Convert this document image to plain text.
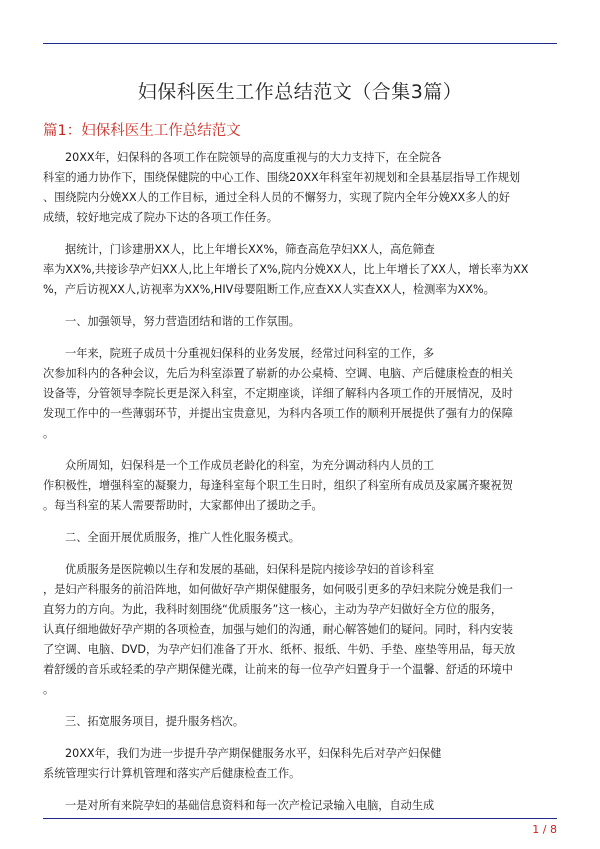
妇保科医生工作总结范文（合集3篇）
篇1：妇保科医生工作总结范文

20XX年，妇保科的各项工作在院领导的高度重视与的大力支持下，在全院各
科室的通力协作下，围绕保健院的中心工作、围绕20XX年科室年初规划和全县基层指导工作规划
、围绕院内分娩XX人的工作目标，通过全科人员的不懈努力，实现了院内全年分娩XX多人的好
成绩，较好地完成了院办下达的各项工作任务。

据统计，门诊建册XX人，比上年增长XX%，筛查高危孕妇XX人，高危筛查
率为XX%,共接诊孕产妇XX人,比上年增长了X%,院内分娩XX人，比上年增长了XX人，增长率为XX
%，产后访视XX人,访视率为XX%,HIV母婴阻断工作,应查XX人实查XX人，检测率为XX%。

一、加强领导，努力营造团结和谐的工作氛围。

一年来，院班子成员十分重视妇保科的业务发展，经常过问科室的工作，多
次参加科内的各种会议，先后为科室添置了崭新的办公桌椅、空调、电脑、产后健康检查的相关
设备等，分管领导李院长更是深入科室，不定期座谈，详细了解科内各项工作的开展情况，及时
发现工作中的一些薄弱环节，并提出宝贵意见，为科内各项工作的顺利开展提供了强有力的保障
。

众所周知，妇保科是一个工作成员老龄化的科室，为充分调动科内人员的工
作积极性，增强科室的凝聚力，每逢科室每个职工生日时，组织了科室所有成员及家属齐聚祝贺
。每当科室的某人需要帮助时，大家都伸出了援助之手。

二、全面开展优质服务，推广人性化服务模式。

优质服务是医院赖以生存和发展的基础，妇保科是院内接诊孕妇的首诊科室
，是妇产科服务的前沿阵地，如何做好孕产期保健服务，如何吸引更多的孕妇来院分娩是我们一
直努力的方向。为此，我科时刻围绕“优质服务”这一核心，主动为孕产妇做好全方位的服务，
认真仔细地做好孕产期的各项检查，加强与她们的沟通，耐心解答她们的疑问。同时，科内安装
了空调、电脑、DVD，为孕产妇们准备了开水、纸杯、报纸、牛奶、手垫、座垫等用品，每天放
着舒缓的音乐或轻柔的孕产期保健光碟，让前来的每一位孕产妇置身于一个温馨、舒适的环境中
。

三、拓宽服务项目，提升服务档次。

20XX年，我们为进一步提升孕产期保健服务水平，妇保科先后对孕产妇保健
系统管理实行计算机管理和落实产后健康检查工作。

一是对所有来院孕妇的基础信息资料和每一次产检记录输入电脑，自动生成

1 / 8
